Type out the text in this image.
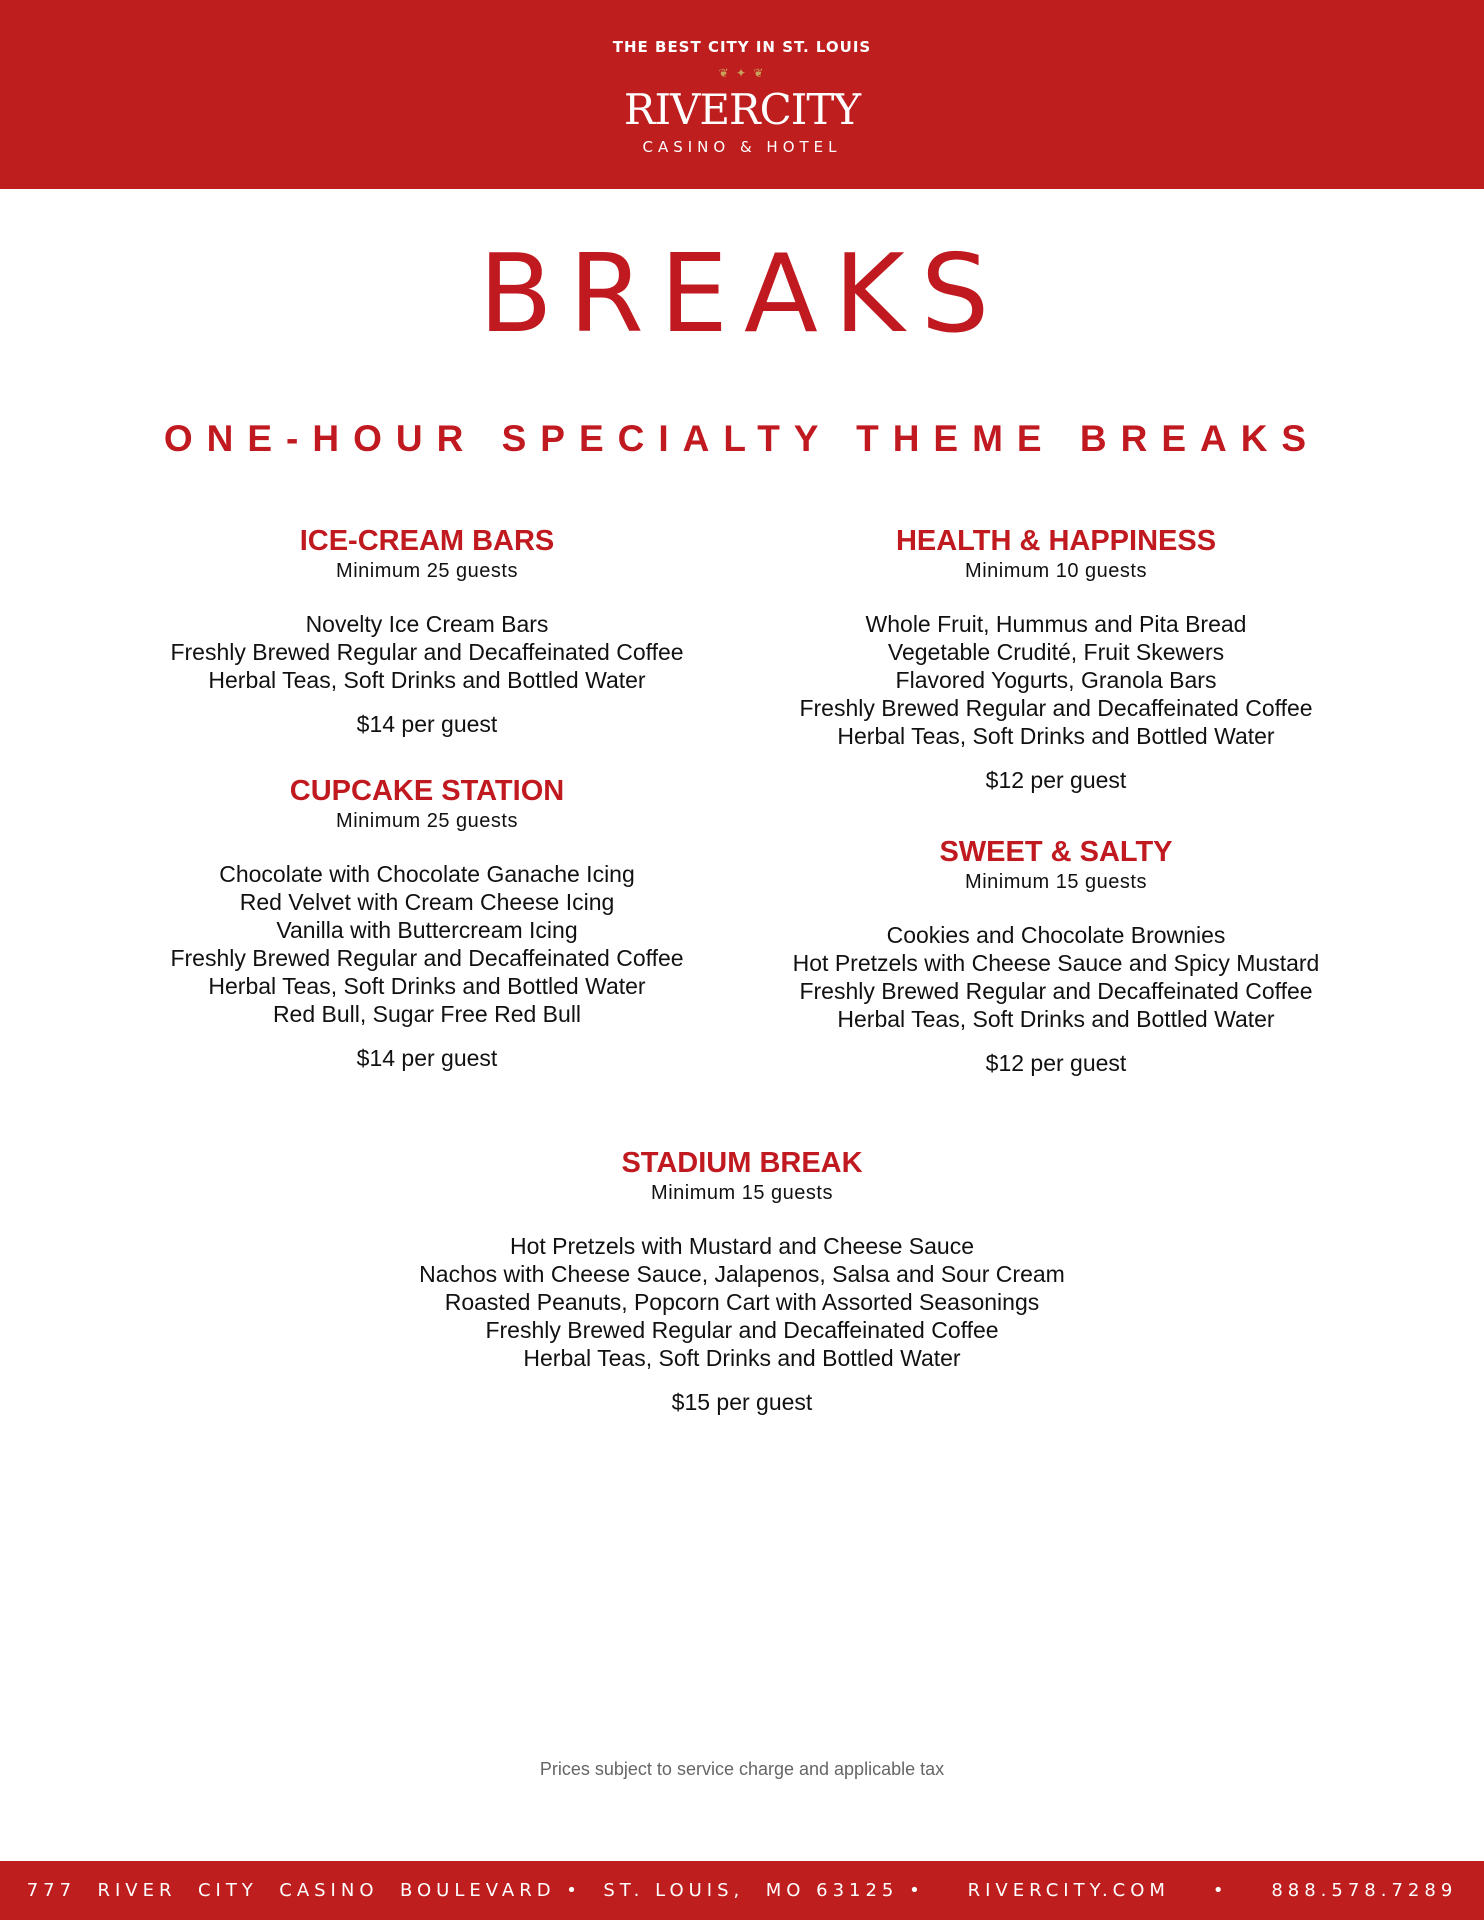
THE BEST CITY IN ST. LOUIS
❦ ✦ ❦
RIVERCITY
CASINO & HOTEL
BREAKS
ONE-HOUR SPECIALTY THEME BREAKS
ICE-CREAM BARS
Minimum 25 guests
Novelty Ice Cream Bars
Freshly Brewed Regular and Decaffeinated Coffee
Herbal Teas, Soft Drinks and Bottled Water
$14 per guest
CUPCAKE STATION
Minimum 25 guests
Chocolate with Chocolate Ganache Icing
Red Velvet with Cream Cheese Icing
Vanilla with Buttercream Icing
Freshly Brewed Regular and Decaffeinated Coffee
Herbal Teas, Soft Drinks and Bottled Water
Red Bull, Sugar Free Red Bull
$14 per guest
HEALTH & HAPPINESS
Minimum 10 guests
Whole Fruit, Hummus and Pita Bread
Vegetable Crudité, Fruit Skewers
Flavored Yogurts, Granola Bars
Freshly Brewed Regular and Decaffeinated Coffee
Herbal Teas, Soft Drinks and Bottled Water
$12 per guest
SWEET & SALTY
Minimum 15 guests
Cookies and Chocolate Brownies
Hot Pretzels with Cheese Sauce and Spicy Mustard
Freshly Brewed Regular and Decaffeinated Coffee
Herbal Teas, Soft Drinks and Bottled Water
$12 per guest
STADIUM BREAK
Minimum 15 guests
Hot Pretzels with Mustard and Cheese Sauce
Nachos with Cheese Sauce, Jalapenos, Salsa and Sour Cream
Roasted Peanuts, Popcorn Cart with Assorted Seasonings
Freshly Brewed Regular and Decaffeinated Coffee
Herbal Teas, Soft Drinks and Bottled Water
$15 per guest
Prices subject to service charge and applicable tax
777  RIVER  CITY  CASINO  BOULEVARD •  ST. LOUIS,  MO 63125 •    RIVERCITY.COM    •    888.578.7289
